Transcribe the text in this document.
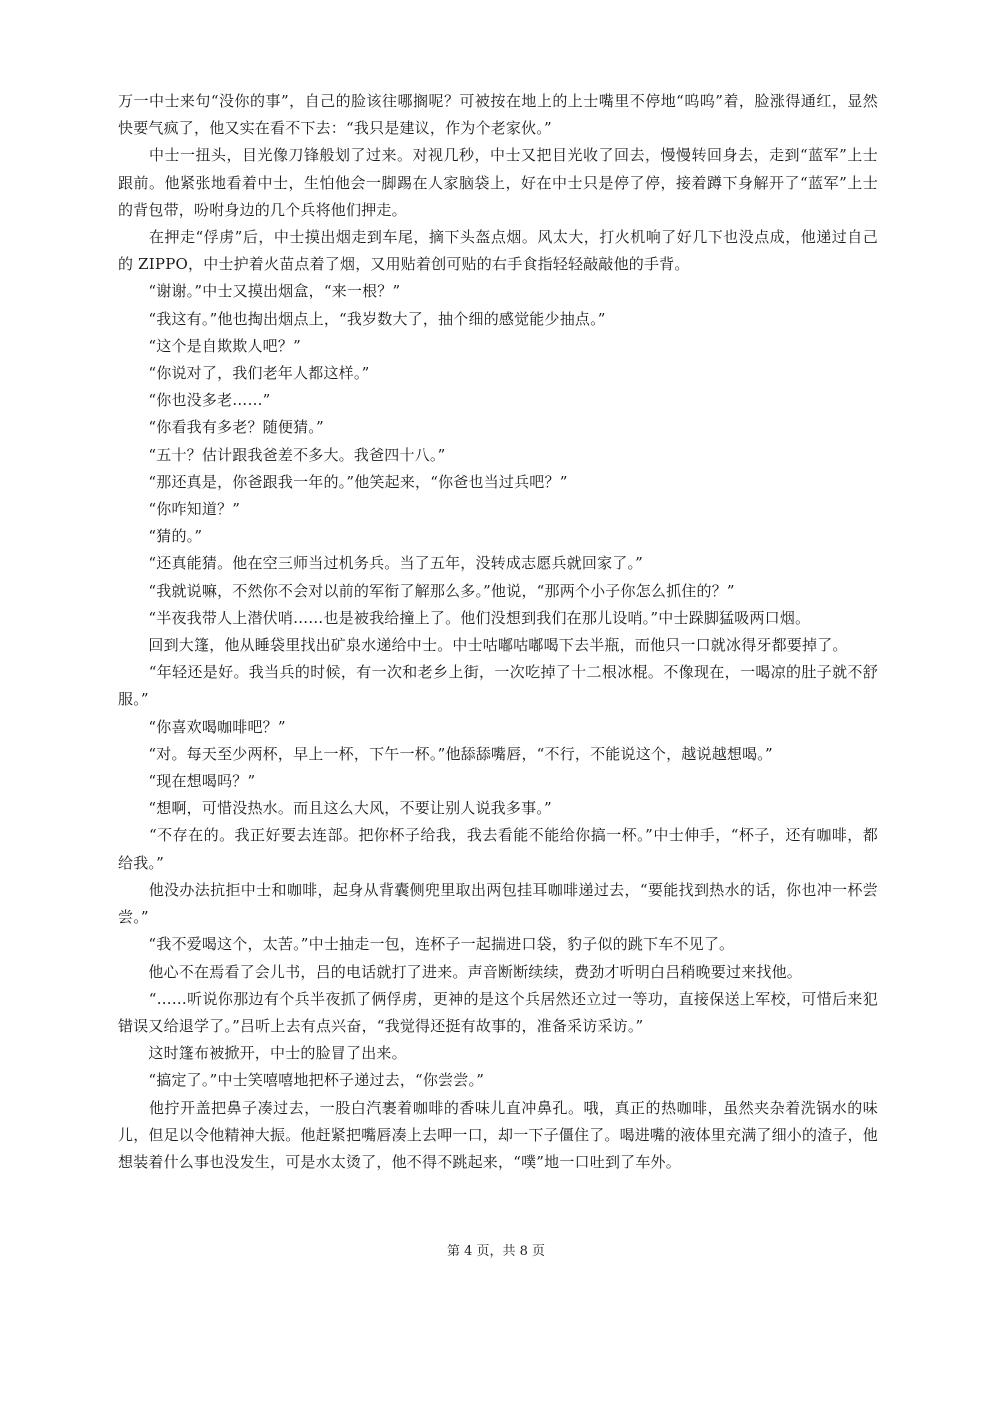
万一中士来句“没你的事”，自己的脸该往哪搁呢？可被按在地上的上士嘴里不停地“呜呜”着，脸涨得通红，显然快要气疯了，他又实在看不下去：“我只是建议，作为个老家伙。”

　　中士一扭头，目光像刀锋般划了过来。对视几秒，中士又把目光收了回去，慢慢转回身去，走到“蓝军”上士跟前。他紧张地看着中士，生怕他会一脚踢在人家脑袋上，好在中士只是停了停，接着蹲下身解开了“蓝军”上士的背包带，吩咐身边的几个兵将他们押走。

　　在押走“俘虏”后，中士摸出烟走到车尾，摘下头盔点烟。风太大，打火机响了好几下也没点成，他递过自己的 ZIPPO，中士护着火苗点着了烟，又用贴着创可贴的右手食指轻轻敲敲他的手背。

　　“谢谢。”中士又摸出烟盒，“来一根？”

　　“我这有。”他也掏出烟点上，“我岁数大了，抽个细的感觉能少抽点。”

　　“这个是自欺欺人吧？”

　　“你说对了，我们老年人都这样。”

　　“你也没多老……”

　　“你看我有多老？随便猜。”

　　“五十？估计跟我爸差不多大。我爸四十八。”

　　“那还真是，你爸跟我一年的。”他笑起来，“你爸也当过兵吧？”

　　“你咋知道？”

　　“猜的。”

　　“还真能猜。他在空三师当过机务兵。当了五年，没转成志愿兵就回家了。”

　　“我就说嘛，不然你不会对以前的军衔了解那么多。”他说，“那两个小子你怎么抓住的？”

　　“半夜我带人上潜伏哨……也是被我给撞上了。他们没想到我们在那儿设哨。”中士跺脚猛吸两口烟。

　　回到大篷，他从睡袋里找出矿泉水递给中士。中士咕嘟咕嘟喝下去半瓶，而他只一口就冰得牙都要掉了。

　　“年轻还是好。我当兵的时候，有一次和老乡上街，一次吃掉了十二根冰棍。不像现在，一喝凉的肚子就不舒服。”

　　“你喜欢喝咖啡吧？”

　　“对。每天至少两杯，早上一杯，下午一杯。”他舔舔嘴唇，“不行，不能说这个，越说越想喝。”

　　“现在想喝吗？”

　　“想啊，可惜没热水。而且这么大风，不要让别人说我多事。”

　　“不存在的。我正好要去连部。把你杯子给我，我去看能不能给你搞一杯。”中士伸手，“杯子，还有咖啡，都给我。”

　　他没办法抗拒中士和咖啡，起身从背囊侧兜里取出两包挂耳咖啡递过去，“要能找到热水的话，你也冲一杯尝尝。”

　　“我不爱喝这个，太苦。”中士抽走一包，连杯子一起揣进口袋，豹子似的跳下车不见了。

　　他心不在焉看了会儿书，吕的电话就打了进来。声音断断续续，费劲才听明白吕稍晚要过来找他。

　　“……听说你那边有个兵半夜抓了俩俘虏，更神的是这个兵居然还立过一等功，直接保送上军校，可惜后来犯错误又给退学了。”吕听上去有点兴奋，“我觉得还挺有故事的，准备采访采访。”

　　这时篷布被掀开，中士的脸冒了出来。

　　“搞定了。”中士笑嘻嘻地把杯子递过去，“你尝尝。”

　　他拧开盖把鼻子凑过去，一股白汽裹着咖啡的香味儿直冲鼻孔。哦，真正的热咖啡，虽然夹杂着洗锅水的味儿，但足以令他精神大振。他赶紧把嘴唇凑上去呷一口，却一下子僵住了。喝进嘴的液体里充满了细小的渣子，他想装着什么事也没发生，可是水太烫了，他不得不跳起来，“噗”地一口吐到了车外。

第 4 页，共 8 页
